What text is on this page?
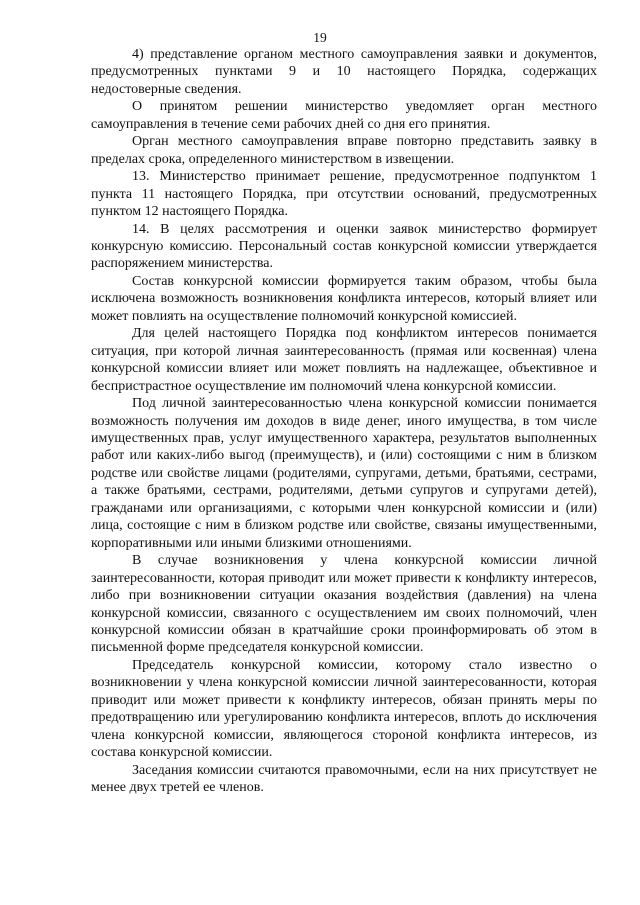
19

4) представление органом местного самоуправления заявки и документов, предусмотренных пунктами 9 и 10 настоящего Порядка, содержащих недостоверные сведения.

О принятом решении министерство уведомляет орган местного самоуправления в течение семи рабочих дней со дня его принятия.

Орган местного самоуправления вправе повторно представить заявку в пределах срока, определенного министерством в извещении.

13. Министерство принимает решение, предусмотренное подпунктом 1 пункта 11 настоящего Порядка, при отсутствии оснований, предусмотренных пунктом 12 настоящего Порядка.

14. В целях рассмотрения и оценки заявок министерство формирует конкурсную комиссию. Персональный состав конкурсной комиссии утверждается распоряжением министерства.

Состав конкурсной комиссии формируется таким образом, чтобы была исключена возможность возникновения конфликта интересов, который влияет или может повлиять на осуществление полномочий конкурсной комиссией.

Для целей настоящего Порядка под конфликтом интересов понимается ситуация, при которой личная заинтересованность (прямая или косвенная) члена конкурсной комиссии влияет или может повлиять на надлежащее, объективное и беспристрастное осуществление им полномочий члена конкурсной комиссии.

Под личной заинтересованностью члена конкурсной комиссии понимается возможность получения им доходов в виде денег, иного имущества, в том числе имущественных прав, услуг имущественного характера, результатов выполненных работ или каких-либо выгод (преимуществ), и (или) состоящими с ним в близком родстве или свойстве лицами (родителями, супругами, детьми, братьями, сестрами, а также братьями, сестрами, родителями, детьми супругов и супругами детей), гражданами или организациями, с которыми член конкурсной комиссии и (или) лица, состоящие с ним в близком родстве или свойстве, связаны имущественными, корпоративными или иными близкими отношениями.

В случае возникновения у члена конкурсной комиссии личной заинтересованности, которая приводит или может привести к конфликту интересов, либо при возникновении ситуации оказания воздействия (давления) на члена конкурсной комиссии, связанного с осуществлением им своих полномочий, член конкурсной комиссии обязан в кратчайшие сроки проинформировать об этом в письменной форме председателя конкурсной комиссии.

Председатель конкурсной комиссии, которому стало известно о возникновении у члена конкурсной комиссии личной заинтересованности, которая приводит или может привести к конфликту интересов, обязан принять меры по предотвращению или урегулированию конфликта интересов, вплоть до исключения члена конкурсной комиссии, являющегося стороной конфликта интересов, из состава конкурсной комиссии.

Заседания комиссии считаются правомочными, если на них присутствует не менее двух третей ее членов.
